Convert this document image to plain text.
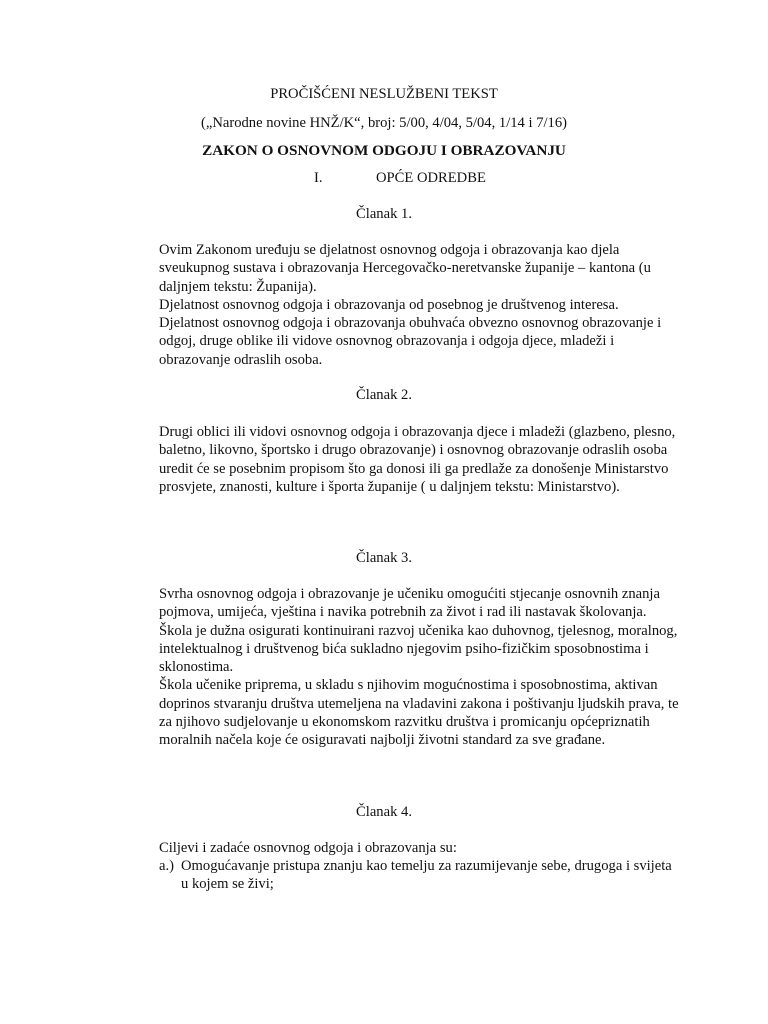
PROČIŠĆENI NESLUŽBENI TEKST
(„Narodne novine HNŽ/K“, broj: 5/00, 4/04, 5/04, 1/14 i 7/16)
ZAKON O OSNOVNOM ODGOJU I OBRAZOVANJU
I.	OPĆE ODREDBE
Članak 1.

Ovim Zakonom uređuju se djelatnost osnovnog odgoja i obrazovanja kao djela sveukupnog sustava i obrazovanja Hercegovačko-neretvanske županije – kantona (u daljnjem tekstu: Županija).

Djelatnost osnovnog odgoja i obrazovanja od posebnog je društvenog interesa.

Djelatnost osnovnog odgoja i obrazovanja obuhvaća obvezno osnovnog obrazovanje i odgoj, druge oblike ili vidove osnovnog obrazovanja i odgoja djece, mladeži i obrazovanje odraslih osoba.

Članak 2.

Drugi oblici ili vidovi osnovnog odgoja i obrazovanja djece i mladeži (glazbeno, plesno, baletno, likovno, športsko i drugo obrazovanje) i osnovnog obrazovanje odraslih osoba uredit će se posebnim propisom što ga donosi ili ga predlaže za donošenje Ministarstvo prosvjete, znanosti, kulture i športa županije ( u daljnjem tekstu: Ministarstvo).

Članak 3.

Svrha osnovnog odgoja i obrazovanje je učeniku omogućiti stjecanje osnovnih znanja pojmova, umijeća, vještina i navika potrebnih za život i rad ili nastavak školovanja.

Škola je dužna osigurati kontinuirani razvoj učenika kao duhovnog, tjelesnog, moralnog, intelektualnog i društvenog bića sukladno njegovim psiho-fizičkim sposobnostima i sklonostima.

Škola učenike priprema, u skladu s njihovim mogućnostima i sposobnostima, aktivan doprinos stvaranju društva utemeljena na vladavini zakona i poštivanju ljudskih prava, te za njihovo sudjelovanje u ekonomskom razvitku društva i promicanju općepriznatih moralnih načela koje će osiguravati najbolji životni standard za sve građane.

Članak 4.

Ciljevi i zadaće osnovnog odgoja i obrazovanja su:

a.) Omogućavanje pristupa znanju kao temelju za razumijevanje sebe, drugoga i svijeta u kojem se živi;
